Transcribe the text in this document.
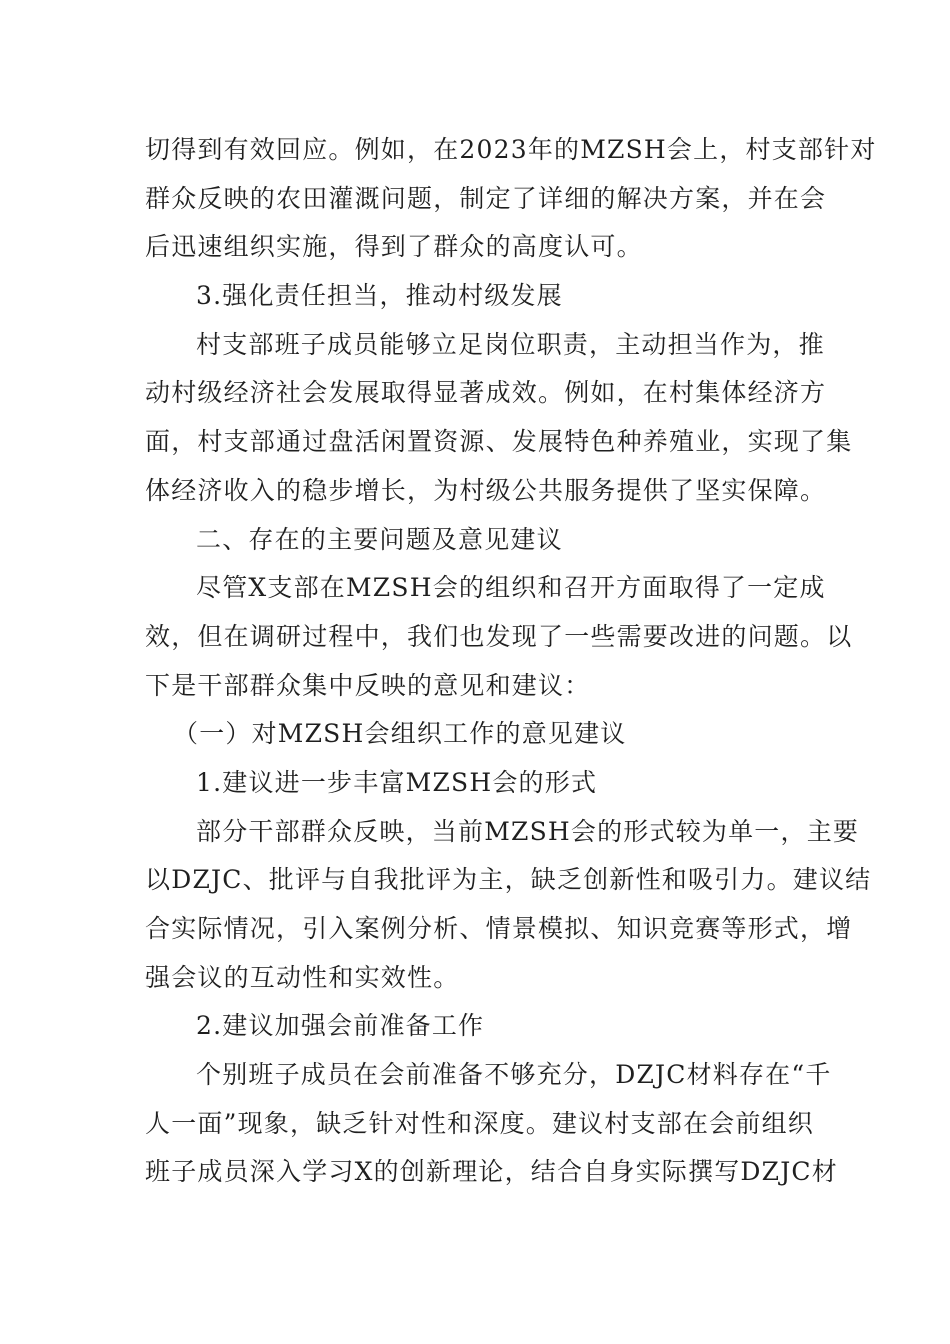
切得到有效回应。例如，在2023年的MZSH会上，村支部针对
群众反映的农田灌溉问题，制定了详细的解决方案，并在会
后迅速组织实施，得到了群众的高度认可。
3.强化责任担当，推动村级发展
村支部班子成员能够立足岗位职责，主动担当作为，推
动村级经济社会发展取得显著成效。例如，在村集体经济方
面，村支部通过盘活闲置资源、发展特色种养殖业，实现了集
体经济收入的稳步增长，为村级公共服务提供了坚实保障。
二、存在的主要问题及意见建议
尽管X支部在MZSH会的组织和召开方面取得了一定成
效，但在调研过程中，我们也发现了一些需要改进的问题。以
下是干部群众集中反映的意见和建议：
（一）对MZSH会组织工作的意见建议
1.建议进一步丰富MZSH会的形式
部分干部群众反映，当前MZSH会的形式较为单一，主要
以DZJC、批评与自我批评为主，缺乏创新性和吸引力。建议结
合实际情况，引入案例分析、情景模拟、知识竞赛等形式，增
强会议的互动性和实效性。
2.建议加强会前准备工作
个别班子成员在会前准备不够充分，DZJC材料存在“千
人一面”现象，缺乏针对性和深度。建议村支部在会前组织
班子成员深入学习X的创新理论，结合自身实际撰写DZJC材
